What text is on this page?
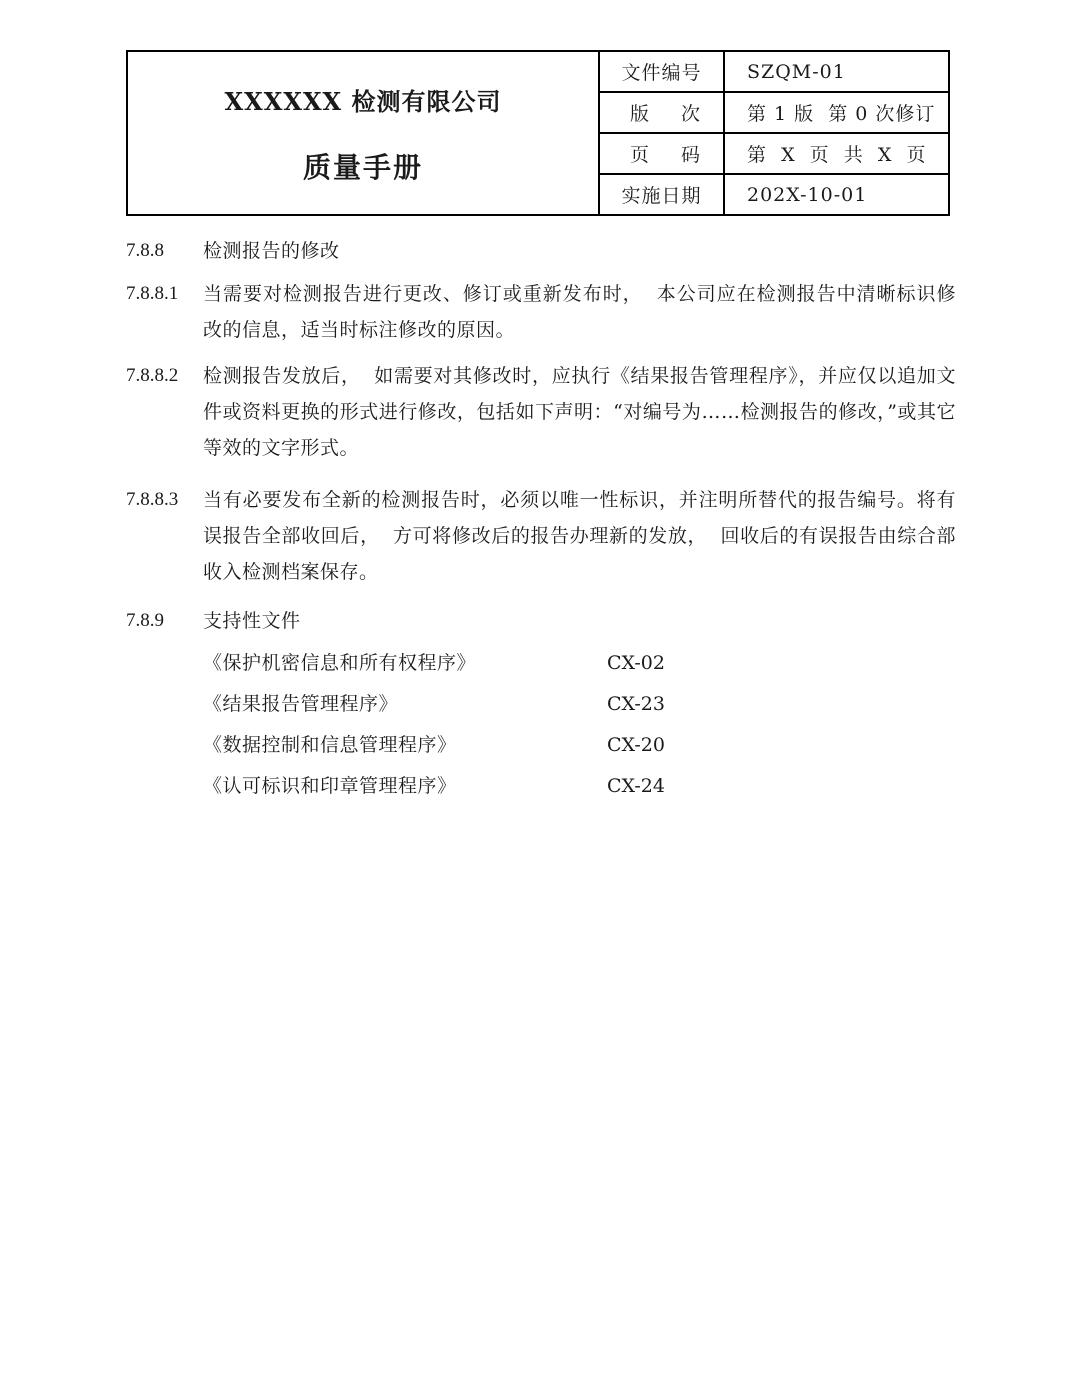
XXXXXX 检测有限公司
质量手册
文件编号	SZQM-01
版 次	第 1 版  第 0 次修订
页 码	第  X  页  共  X  页
实施日期	202X-10-01
7.8.8	检测报告的修改
7.8.8.1	当需要对检测报告进行更改、修订或重新发布时，  本公司应在检测报告中清晰标识修改的信息，适当时标注修改的原因。
7.8.8.2	检测报告发放后，  如需要对其修改时，应执行《结果报告管理程序》，并应仅以追加文件或资料更换的形式进行修改，包括如下声明：“对编号为……检测报告的修改，”或其它等效的文字形式。
7.8.8.3	当有必要发布全新的检测报告时，必须以唯一性标识，并注明所替代的报告编号。将有误报告全部收回后，  方可将修改后的报告办理新的发放，  回收后的有误报告由综合部收入检测档案保存。
7.8.9	支持性文件
《保护机密信息和所有权程序》	CX-02
《结果报告管理程序》	CX-23
《数据控制和信息管理程序》	CX-20
《认可标识和印章管理程序》	CX-24
